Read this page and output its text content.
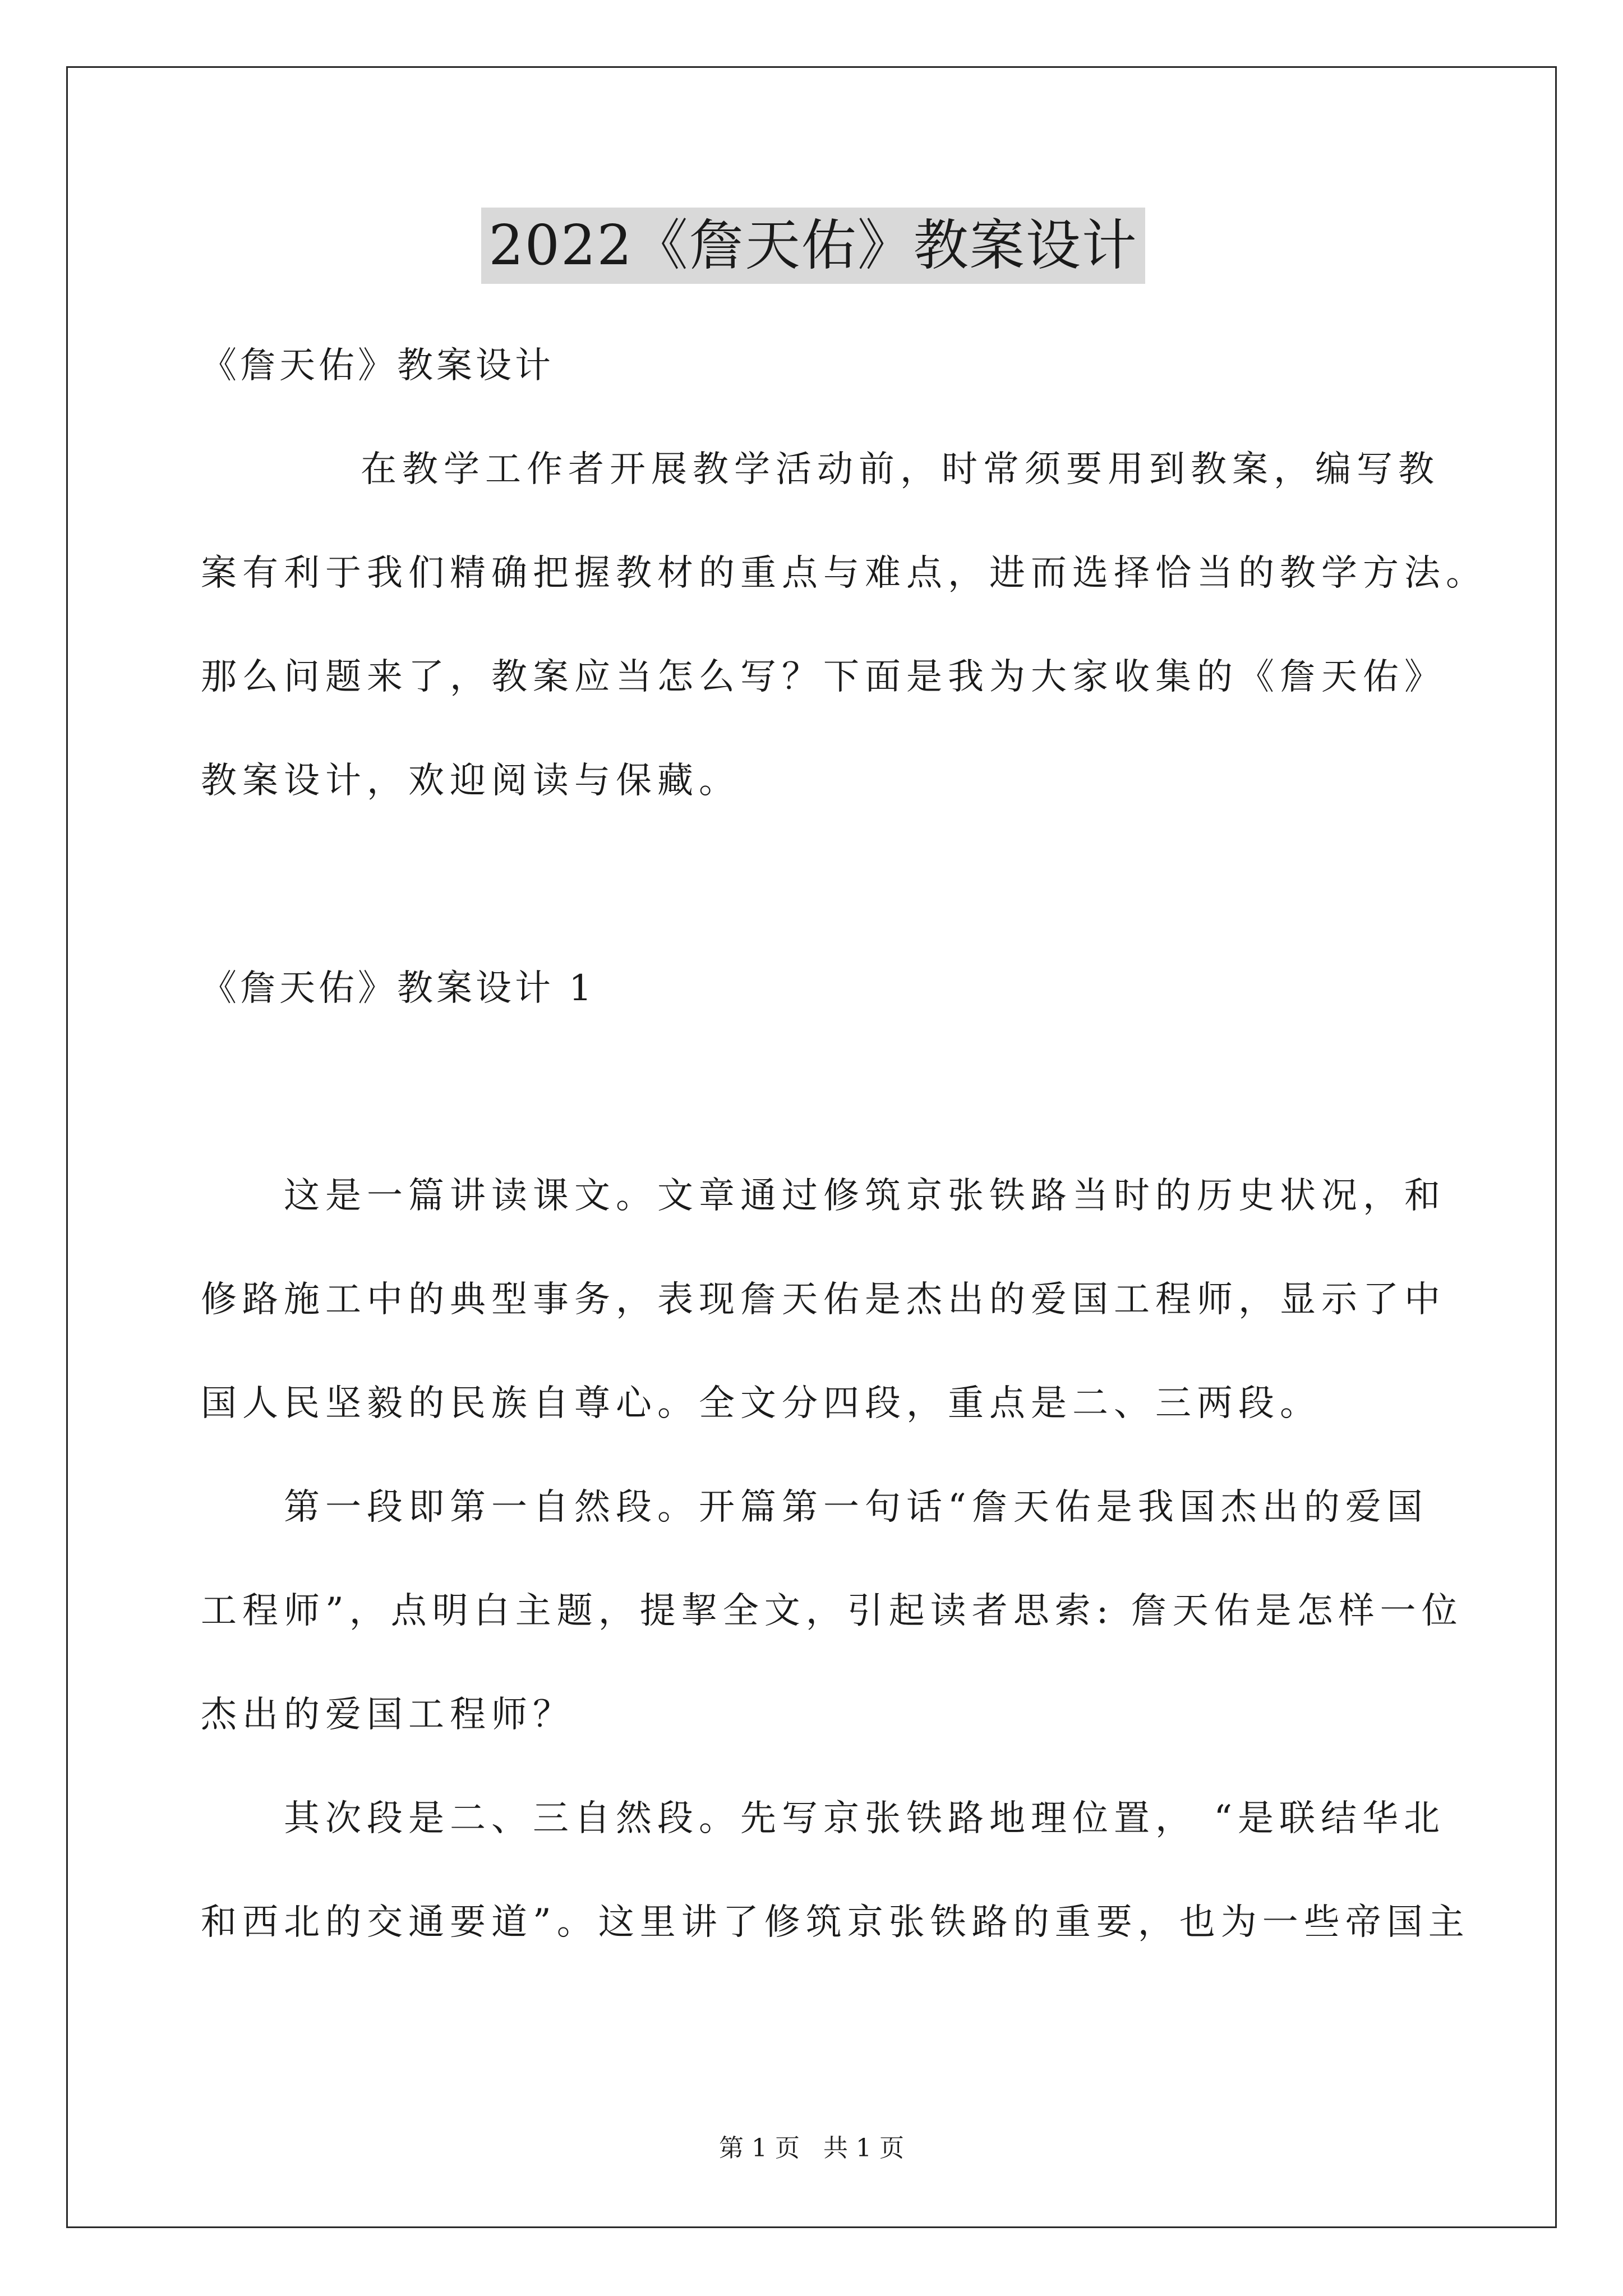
2022《詹天佑》教案设计
《詹天佑》教案设计
在教学工作者开展教学活动前，时常须要用到教案，编写教
案有利于我们精确把握教材的重点与难点，进而选择恰当的教学方法。
那么问题来了，教案应当怎么写？下面是我为大家收集的《詹天佑》
教案设计，欢迎阅读与保藏。
《詹天佑》教案设计 1
这是一篇讲读课文。文章通过修筑京张铁路当时的历史状况，和
修路施工中的典型事务，表现詹天佑是杰出的爱国工程师，显示了中
国人民坚毅的民族自尊心。全文分四段，重点是二、三两段。
第一段即第一自然段。开篇第一句话“詹天佑是我国杰出的爱国
工程师”，点明白主题，提挈全文，引起读者思索: 詹天佑是怎样一位
杰出的爱国工程师？
其次段是二、三自然段。先写京张铁路地理位置， “是联结华北
和西北的交通要道”。这里讲了修筑京张铁路的重要，也为一些帝国主
第 1 页 共 1 页
